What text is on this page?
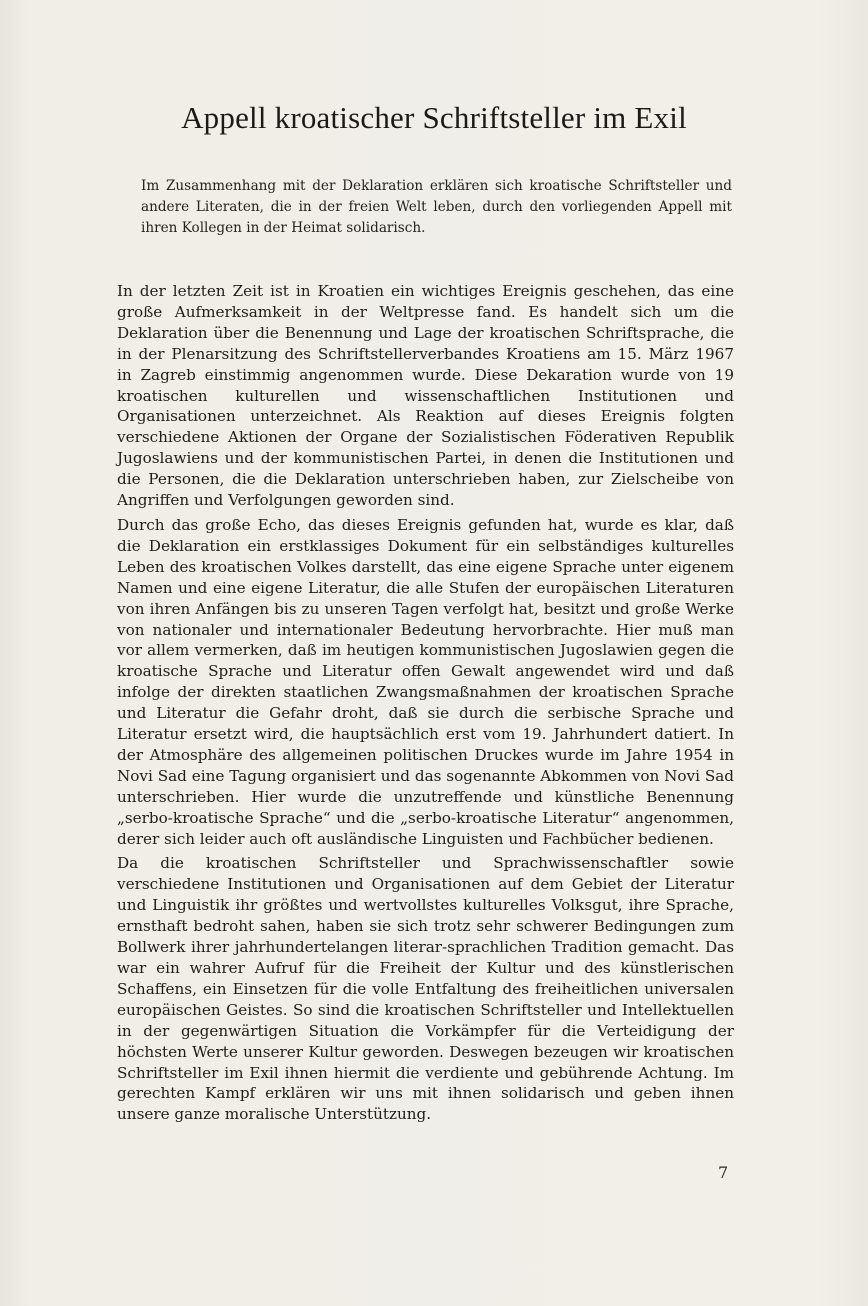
Appell kroatischer Schriftsteller im Exil
Im Zusammenhang mit der Deklaration erklären sich kroatische Schriftsteller und andere Literaten, die in der freien Welt leben, durch den vorliegenden Appell mit ihren Kollegen in der Heimat solidarisch.

In der letzten Zeit ist in Kroatien ein wichtiges Ereignis geschehen, das eine große Aufmerksamkeit in der Weltpresse fand. Es handelt sich um die Deklaration über die Benennung und Lage der kroatischen Schriftsprache, die in der Plenarsitzung des Schriftstellerverbandes Kroatiens am 15. März 1967 in Zagreb einstimmig angenommen wurde. Diese Dekaration wurde von 19 kroatischen kulturellen und wissenschaftlichen Institutionen und Organisationen unterzeichnet. Als Reaktion auf dieses Ereignis folgten verschiedene Aktionen der Organe der Sozialistischen Föderativen Republik Jugoslawiens und der kommunistischen Partei, in denen die Institutionen und die Personen, die die Deklaration unterschrieben haben, zur Zielscheibe von Angriffen und Verfolgungen geworden sind.

Durch das große Echo, das dieses Ereignis gefunden hat, wurde es klar, daß die Deklaration ein erstklassiges Dokument für ein selbständiges kulturelles Leben des kroatischen Volkes darstellt, das eine eigene Sprache unter eigenem Namen und eine eigene Literatur, die alle Stufen der europäischen Literaturen von ihren Anfängen bis zu unseren Tagen verfolgt hat, besitzt und große Werke von nationaler und internationaler Bedeutung hervorbrachte. Hier muß man vor allem vermerken, daß im heutigen kommunistischen Jugoslawien gegen die kroatische Sprache und Literatur offen Gewalt angewendet wird und daß infolge der direkten staatlichen Zwangsmaßnahmen der kroatischen Sprache und Literatur die Gefahr droht, daß sie durch die serbische Sprache und Literatur ersetzt wird, die hauptsächlich erst vom 19. Jahrhundert datiert. In der Atmosphäre des allgemeinen politischen Druckes wurde im Jahre 1954 in Novi Sad eine Tagung organisiert und das sogenannte Abkommen von Novi Sad unterschrieben. Hier wurde die unzutreffende und künstliche Benennung „serbo-kroatische Sprache“ und die „serbo-kroatische Literatur“ angenommen, derer sich leider auch oft ausländische Linguisten und Fachbücher bedienen.

Da die kroatischen Schriftsteller und Sprachwissenschaftler sowie verschiedene Institutionen und Organisationen auf dem Gebiet der Literatur und Linguistik ihr größtes und wertvollstes kulturelles Volksgut, ihre Sprache, ernsthaft bedroht sahen, haben sie sich trotz sehr schwerer Bedingungen zum Bollwerk ihrer jahrhundertelangen literar-sprachlichen Tradition gemacht. Das war ein wahrer Aufruf für die Freiheit der Kultur und des künstlerischen Schaffens, ein Einsetzen für die volle Entfaltung des freiheitlichen universalen europäischen Geistes. So sind die kroatischen Schriftsteller und Intellektuellen in der gegenwärtigen Situation die Vorkämpfer für die Verteidigung der höchsten Werte unserer Kultur geworden. Deswegen bezeugen wir kroatischen Schriftsteller im Exil ihnen hiermit die verdiente und gebührende Achtung. Im gerechten Kampf erklären wir uns mit ihnen solidarisch und geben ihnen unsere ganze moralische Unterstützung.

7
